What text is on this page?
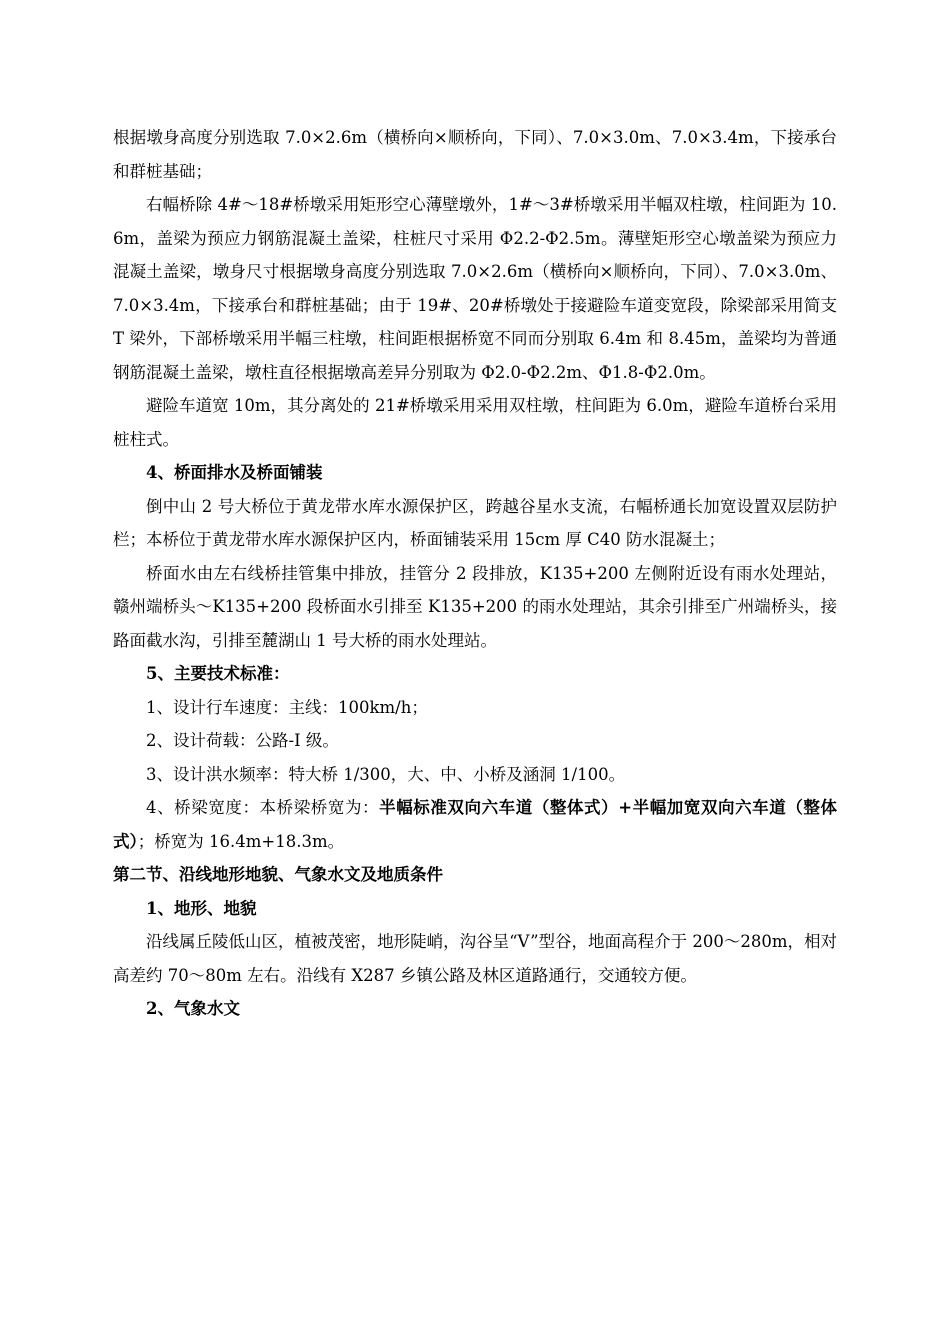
根据墩身高度分别选取 7.0×2.6m（横桥向×顺桥向，下同）、7.0×3.0m、7.0×3.4m，下接承台和群桩基础；

右幅桥除 4#～18#桥墩采用矩形空心薄壁墩外，1#～3#桥墩采用半幅双柱墩，柱间距为 10.6m，盖梁为预应力钢筋混凝土盖梁，柱桩尺寸采用 Φ2.2-Φ2.5m。薄壁矩形空心墩盖梁为预应力混凝土盖梁，墩身尺寸根据墩身高度分别选取 7.0×2.6m（横桥向×顺桥向，下同）、7.0×3.0m、7.0×3.4m，下接承台和群桩基础；由于 19#、20#桥墩处于接避险车道变宽段，除梁部采用简支 T 梁外，下部桥墩采用半幅三柱墩，柱间距根据桥宽不同而分别取 6.4m 和 8.45m，盖梁均为普通钢筋混凝土盖梁，墩柱直径根据墩高差异分别取为 Φ2.0-Φ2.2m、Φ1.8-Φ2.0m。

避险车道宽 10m，其分离处的 21#桥墩采用采用双柱墩，柱间距为 6.0m，避险车道桥台采用桩柱式。

4、桥面排水及桥面铺装

倒中山 2 号大桥位于黄龙带水库水源保护区，跨越谷星水支流，右幅桥通长加宽设置双层防护栏；本桥位于黄龙带水库水源保护区内，桥面铺装采用 15cm 厚 C40 防水混凝土；

桥面水由左右线桥挂管集中排放，挂管分 2 段排放，K135+200 左侧附近设有雨水处理站，赣州端桥头～K135+200 段桥面水引排至 K135+200 的雨水处理站，其余引排至广州端桥头，接路面截水沟，引排至麓湖山 1 号大桥的雨水处理站。

5、主要技术标准：

1、设计行车速度：主线：100km/h；

2、设计荷载：公路-I 级。

3、设计洪水频率：特大桥 1/300，大、中、小桥及涵洞 1/100。

4、桥梁宽度：本桥梁桥宽为：半幅标准双向六车道（整体式）+半幅加宽双向六车道（整体式）；桥宽为 16.4m+18.3m。

第二节、沿线地形地貌、气象水文及地质条件

1、地形、地貌

沿线属丘陵低山区，植被茂密，地形陡峭，沟谷呈“V”型谷，地面高程介于 200～280m，相对高差约 70～80m 左右。沿线有 X287 乡镇公路及林区道路通行，交通较方便。

2、气象水文
